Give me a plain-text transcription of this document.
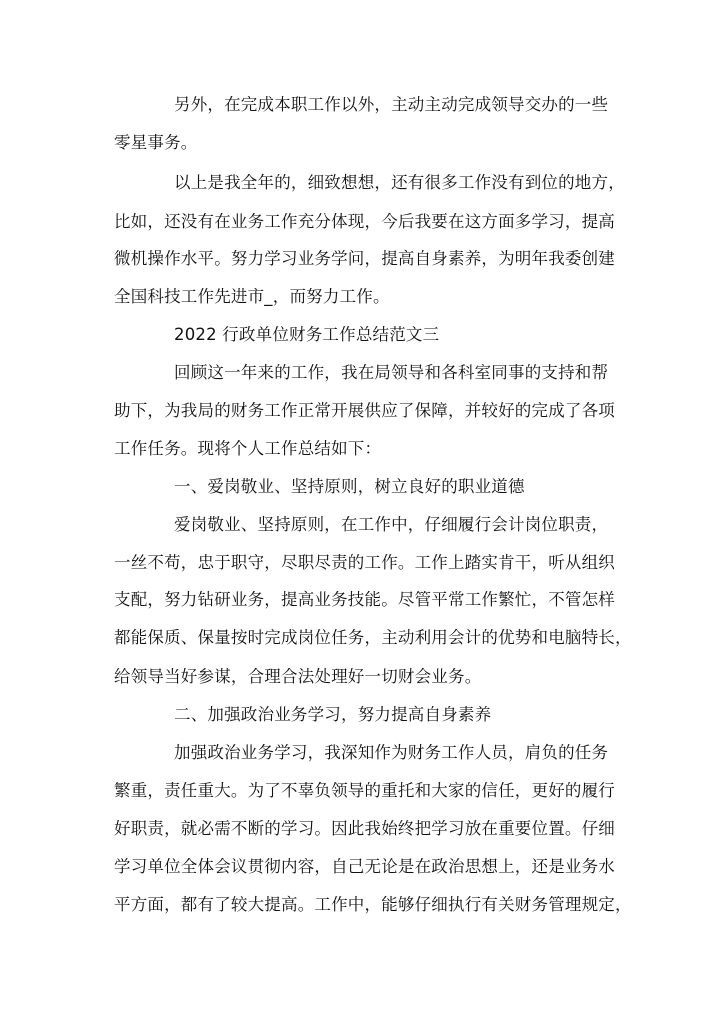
另外，在完成本职工作以外，主动主动完成领导交办的一些
零星事务。
以上是我全年的，细致想想，还有很多工作没有到位的地方，
比如，还没有在业务工作充分体现，今后我要在这方面多学习，提高
微机操作水平。努力学习业务学问，提高自身素养，为明年我委创建
全国科技工作先进市_，而努力工作。
2022 行政单位财务工作总结范文三
回顾这一年来的工作，我在局领导和各科室同事的支持和帮
助下，为我局的财务工作正常开展供应了保障，并较好的完成了各项
工作任务。现将个人工作总结如下：
一、爱岗敬业、坚持原则，树立良好的职业道德
爱岗敬业、坚持原则，在工作中，仔细履行会计岗位职责，
一丝不苟，忠于职守，尽职尽责的工作。工作上踏实肯干，听从组织
支配，努力钻研业务，提高业务技能。尽管平常工作繁忙，不管怎样
都能保质、保量按时完成岗位任务，主动利用会计的优势和电脑特长，
给领导当好参谋，合理合法处理好一切财会业务。
二、加强政治业务学习，努力提高自身素养
加强政治业务学习，我深知作为财务工作人员，肩负的任务
繁重，责任重大。为了不辜负领导的重托和大家的信任，更好的履行
好职责，就必需不断的学习。因此我始终把学习放在重要位置。仔细
学习单位全体会议贯彻内容，自己无论是在政治思想上，还是业务水
平方面，都有了较大提高。工作中，能够仔细执行有关财务管理规定，
